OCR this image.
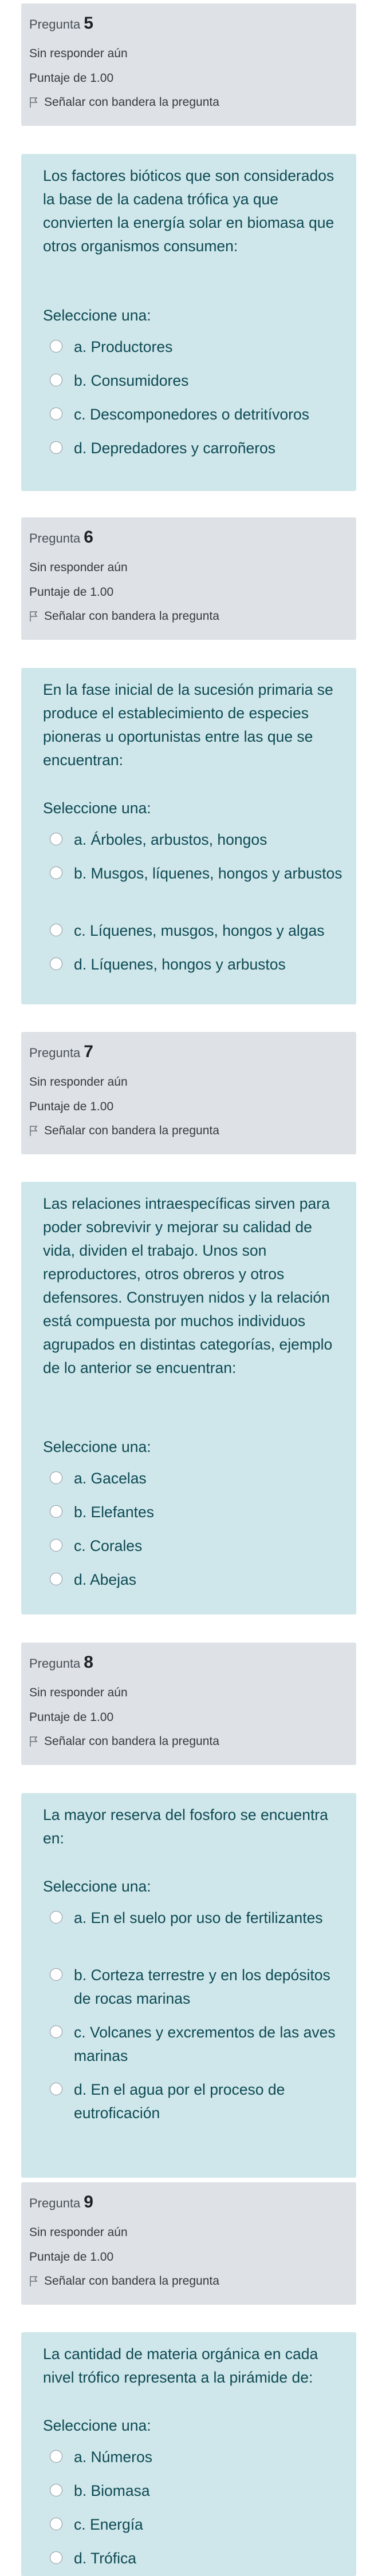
Pregunta 5
Sin responder aún
Puntaje de 1.00
Señalar con bandera la pregunta
Los factores bióticos que son considerados la base de la cadena trófica ya que convierten la energía solar en biomasa que otros organismos consumen:
Seleccione una:
a. Productores
b. Consumidores
c. Descomponedores o detritívoros
d. Depredadores y carroñeros
Pregunta 6
Sin responder aún
Puntaje de 1.00
Señalar con bandera la pregunta
En la fase inicial de la sucesión primaria se produce el establecimiento de especies pioneras u oportunistas entre las que se encuentran:
Seleccione una:
a. Árboles, arbustos, hongos
b. Musgos, líquenes, hongos y arbustos
c. Líquenes, musgos, hongos y algas
d. Líquenes, hongos y arbustos
Pregunta 7
Sin responder aún
Puntaje de 1.00
Señalar con bandera la pregunta
Las relaciones intraespecíficas sirven para poder sobrevivir y mejorar su calidad de vida, dividen el trabajo. Unos son reproductores, otros obreros y otros defensores. Construyen nidos y la relación está compuesta por muchos individuos agrupados en distintas categorías, ejemplo de lo anterior se encuentran:
Seleccione una:
a. Gacelas
b. Elefantes
c. Corales
d. Abejas
Pregunta 8
Sin responder aún
Puntaje de 1.00
Señalar con bandera la pregunta
La mayor reserva del fosforo se encuentra en:
Seleccione una:
a. En el suelo por uso de fertilizantes
b. Corteza terrestre y en los depósitos de rocas marinas
c. Volcanes y excrementos de las aves marinas
d. En el agua por el proceso de eutroficación
Pregunta 9
Sin responder aún
Puntaje de 1.00
Señalar con bandera la pregunta
La cantidad de materia orgánica en cada nivel trófico representa a la pirámide de:
Seleccione una:
a. Números
b. Biomasa
c. Energía
d. Trófica
